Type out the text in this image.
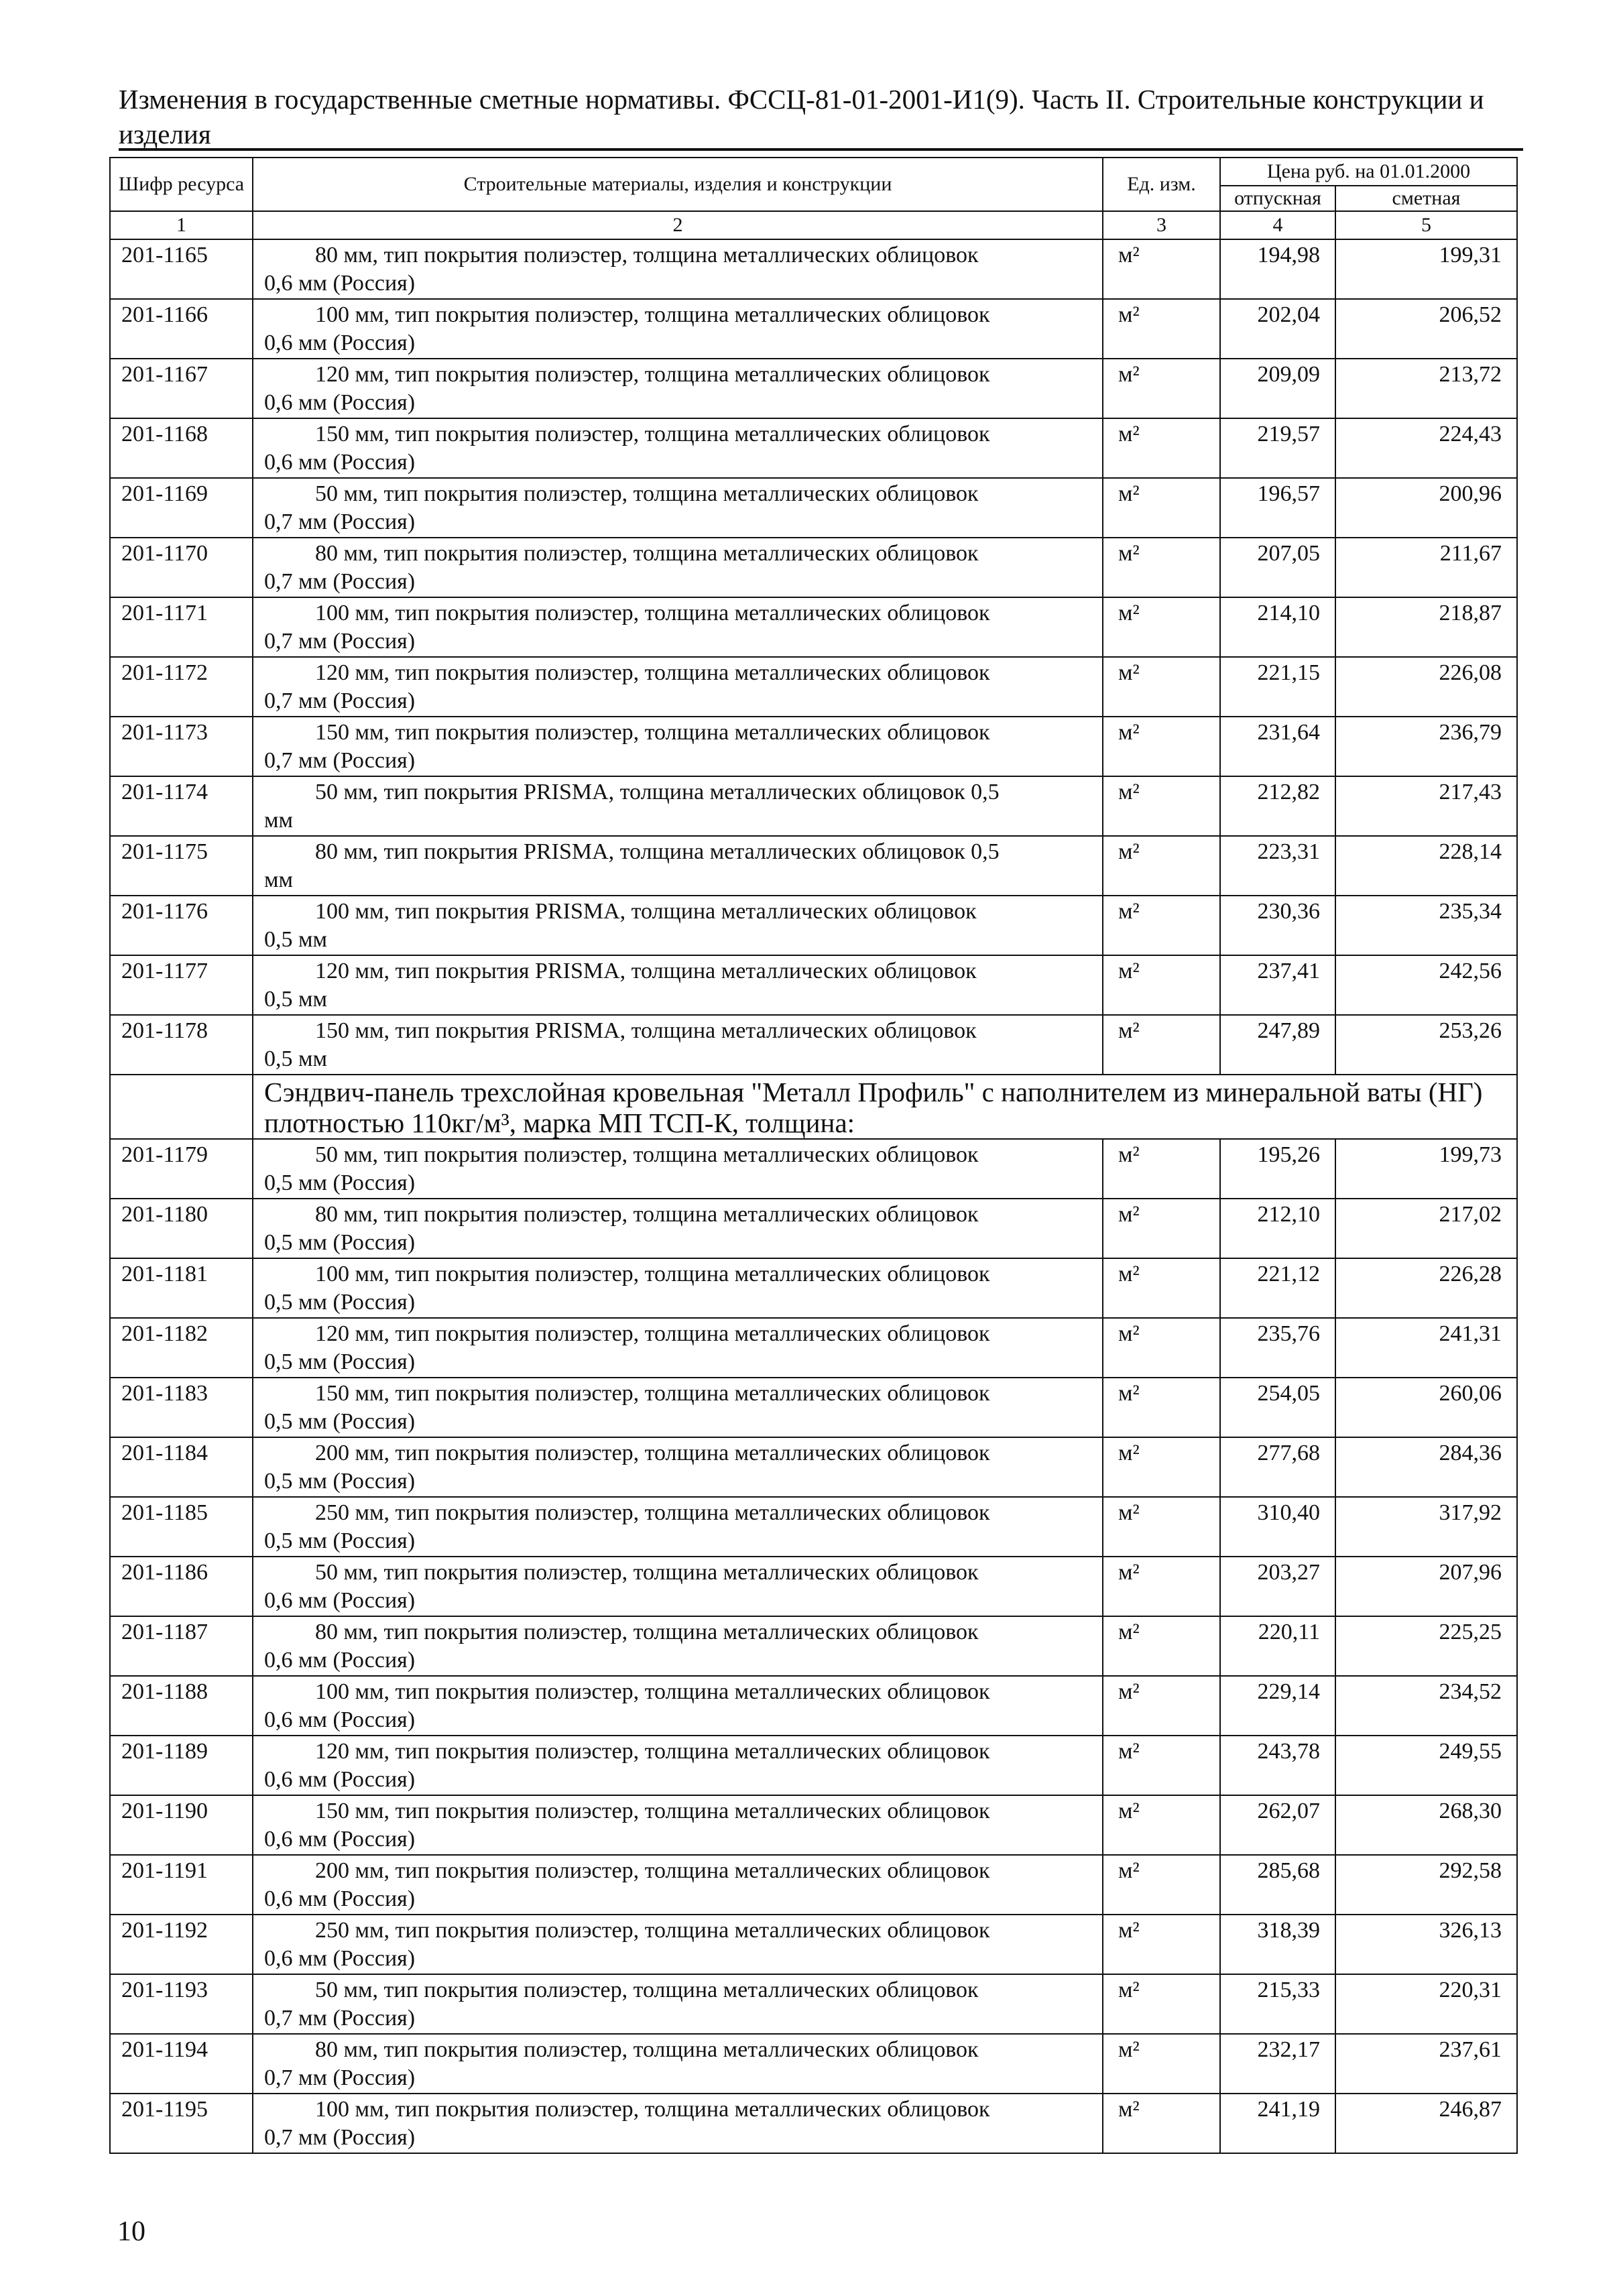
Изменения в государственные сметные нормативы. ФССЦ-81-01-2001-И1(9). Часть II. Строительные конструкции и изделия
Шифр ресурса	Строительные материалы, изделия и конструкции	Ед. изм.	Цена руб. на 01.01.2000	
			отпускная	сметная
1	2	3	4	5
201-1165	80 мм, тип покрытия полиэстер, толщина металлических облицовок
0,6 мм (Россия)	м²	194,98	199,31
201-1166	100 мм, тип покрытия полиэстер, толщина металлических облицовок
0,6 мм (Россия)	м²	202,04	206,52
201-1167	120 мм, тип покрытия полиэстер, толщина металлических облицовок
0,6 мм (Россия)	м²	209,09	213,72
201-1168	150 мм, тип покрытия полиэстер, толщина металлических облицовок
0,6 мм (Россия)	м²	219,57	224,43
201-1169	50 мм, тип покрытия полиэстер, толщина металлических облицовок
0,7 мм (Россия)	м²	196,57	200,96
201-1170	80 мм, тип покрытия полиэстер, толщина металлических облицовок
0,7 мм (Россия)	м²	207,05	211,67
201-1171	100 мм, тип покрытия полиэстер, толщина металлических облицовок
0,7 мм (Россия)	м²	214,10	218,87
201-1172	120 мм, тип покрытия полиэстер, толщина металлических облицовок
0,7 мм (Россия)	м²	221,15	226,08
201-1173	150 мм, тип покрытия полиэстер, толщина металлических облицовок
0,7 мм (Россия)	м²	231,64	236,79
201-1174	50 мм, тип покрытия PRISMA, толщина металлических облицовок 0,5
мм	м²	212,82	217,43
201-1175	80 мм, тип покрытия PRISMA, толщина металлических облицовок 0,5
мм	м²	223,31	228,14
201-1176	100 мм, тип покрытия PRISMA, толщина металлических облицовок
0,5 мм	м²	230,36	235,34
201-1177	120 мм, тип покрытия PRISMA, толщина металлических облицовок
0,5 мм	м²	237,41	242,56
201-1178	150 мм, тип покрытия PRISMA, толщина металлических облицовок
0,5 мм	м²	247,89	253,26

	Сэндвич-панель трехслойная кровельная "Металл Профиль" с наполнителем из минеральной ваты (НГ) плотностью 110кг/м³, марка МП ТСП-К, толщина:			

201-1179	50 мм, тип покрытия полиэстер, толщина металлических облицовок
0,5 мм (Россия)	м²	195,26	199,73
201-1180	80 мм, тип покрытия полиэстер, толщина металлических облицовок
0,5 мм (Россия)	м²	212,10	217,02
201-1181	100 мм, тип покрытия полиэстер, толщина металлических облицовок
0,5 мм (Россия)	м²	221,12	226,28
201-1182	120 мм, тип покрытия полиэстер, толщина металлических облицовок
0,5 мм (Россия)	м²	235,76	241,31
201-1183	150 мм, тип покрытия полиэстер, толщина металлических облицовок
0,5 мм (Россия)	м²	254,05	260,06
201-1184	200 мм, тип покрытия полиэстер, толщина металлических облицовок
0,5 мм (Россия)	м²	277,68	284,36
201-1185	250 мм, тип покрытия полиэстер, толщина металлических облицовок
0,5 мм (Россия)	м²	310,40	317,92
201-1186	50 мм, тип покрытия полиэстер, толщина металлических облицовок
0,6 мм (Россия)	м²	203,27	207,96
201-1187	80 мм, тип покрытия полиэстер, толщина металлических облицовок
0,6 мм (Россия)	м²	220,11	225,25
201-1188	100 мм, тип покрытия полиэстер, толщина металлических облицовок
0,6 мм (Россия)	м²	229,14	234,52
201-1189	120 мм, тип покрытия полиэстер, толщина металлических облицовок
0,6 мм (Россия)	м²	243,78	249,55
201-1190	150 мм, тип покрытия полиэстер, толщина металлических облицовок
0,6 мм (Россия)	м²	262,07	268,30
201-1191	200 мм, тип покрытия полиэстер, толщина металлических облицовок
0,6 мм (Россия)	м²	285,68	292,58
201-1192	250 мм, тип покрытия полиэстер, толщина металлических облицовок
0,6 мм (Россия)	м²	318,39	326,13
201-1193	50 мм, тип покрытия полиэстер, толщина металлических облицовок
0,7 мм (Россия)	м²	215,33	220,31
201-1194	80 мм, тип покрытия полиэстер, толщина металлических облицовок
0,7 мм (Россия)	м²	232,17	237,61
201-1195	100 мм, тип покрытия полиэстер, толщина металлических облицовок
0,7 мм (Россия)	м²	241,19	246,87
10
